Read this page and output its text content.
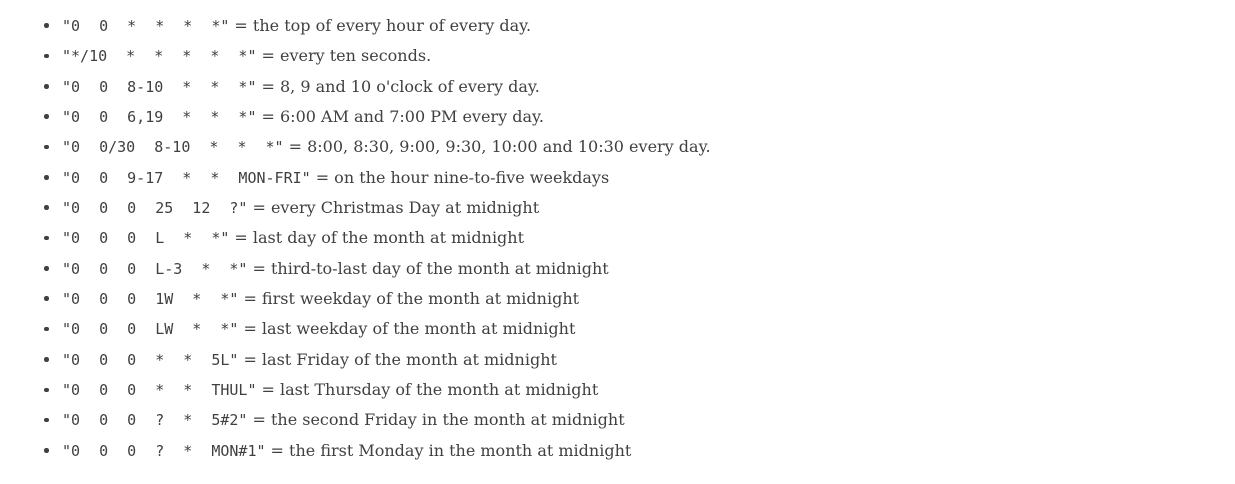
"0 0 * * * *" = the top of every hour of every day.
"*/10 * * * * *" = every ten seconds.
"0 0 8-10 * * *" = 8, 9 and 10 o'clock of every day.
"0 0 6,19 * * *" = 6:00 AM and 7:00 PM every day.
"0 0/30 8-10 * * *" = 8:00, 8:30, 9:00, 9:30, 10:00 and 10:30 every day.
"0 0 9-17 * * MON-FRI" = on the hour nine-to-five weekdays
"0 0 0 25 12 ?" = every Christmas Day at midnight
"0 0 0 L * *" = last day of the month at midnight
"0 0 0 L-3 * *" = third-to-last day of the month at midnight
"0 0 0 1W * *" = first weekday of the month at midnight
"0 0 0 LW * *" = last weekday of the month at midnight
"0 0 0 * * 5L" = last Friday of the month at midnight
"0 0 0 * * THUL" = last Thursday of the month at midnight
"0 0 0 ? * 5#2" = the second Friday in the month at midnight
"0 0 0 ? * MON#1" = the first Monday in the month at midnight
